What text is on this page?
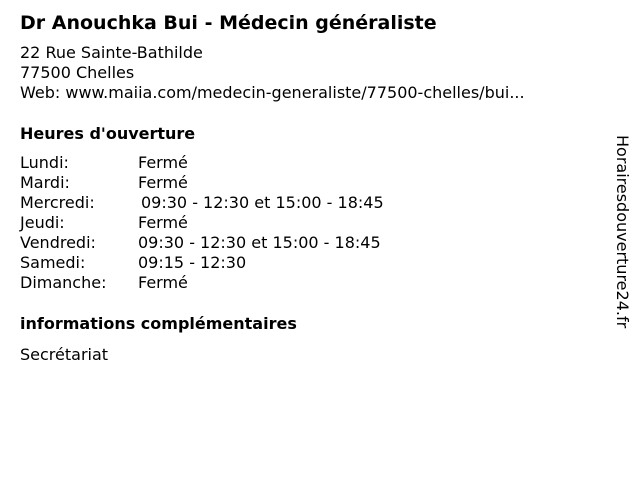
Dr Anouchka Bui - Médecin généraliste
22 Rue Sainte-Bathilde
77500 Chelles
Web: www.maiia.com/medecin-generaliste/77500-chelles/bui...
Heures d'ouverture
Lundi:	Fermé
Mardi:	Fermé
Mercredi:	09:30 - 12:30 et 15:00 - 18:45
Jeudi:	Fermé
Vendredi:	09:30 - 12:30 et 15:00 - 18:45
Samedi:	09:15 - 12:30
Dimanche: Fermé
informations complémentaires
Secrétariat
Horairesdouverture24.fr
